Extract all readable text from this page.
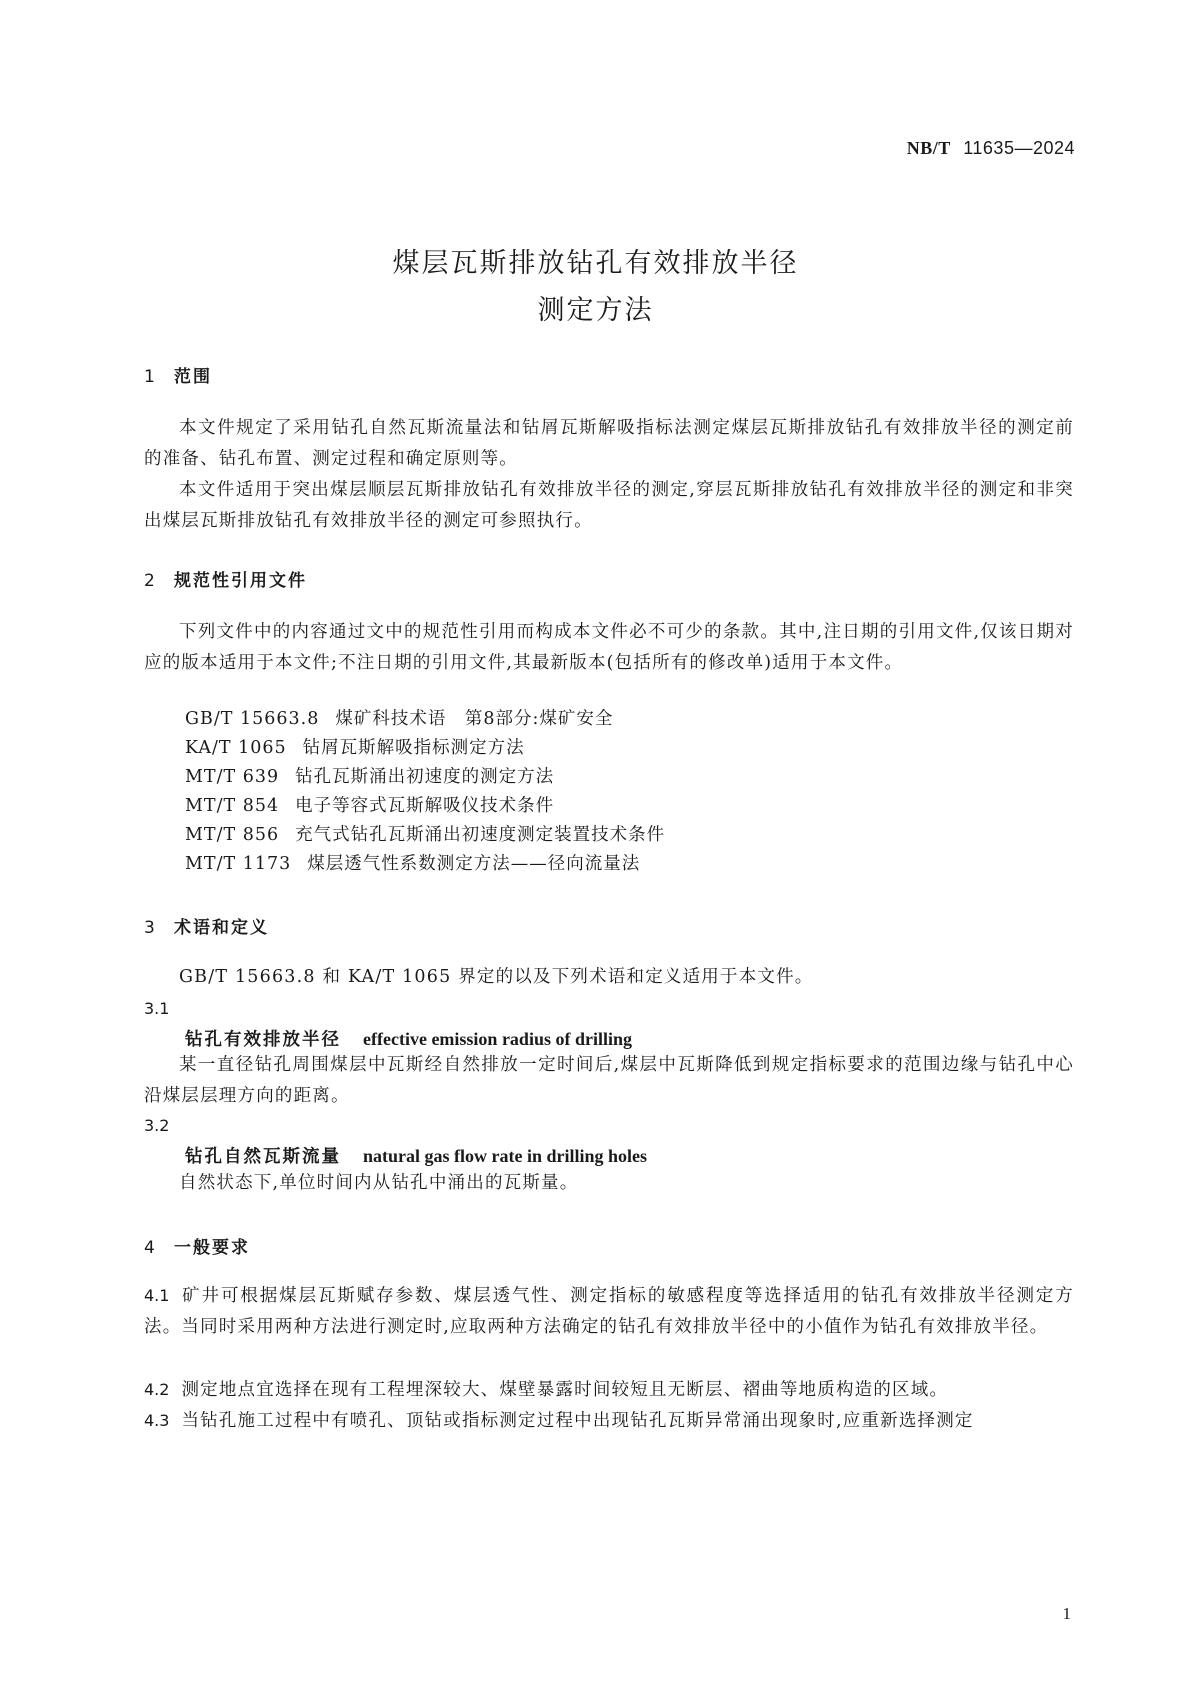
NB/T 11635—2024
煤层瓦斯排放钻孔有效排放半径
测定方法
1 范围
本文件规定了采用钻孔自然瓦斯流量法和钻屑瓦斯解吸指标法测定煤层瓦斯排放钻孔有效排放半径的测定前的准备、钻孔布置、测定过程和确定原则等。
本文件适用于突出煤层顺层瓦斯排放钻孔有效排放半径的测定,穿层瓦斯排放钻孔有效排放半径的测定和非突出煤层瓦斯排放钻孔有效排放半径的测定可参照执行。
2 规范性引用文件
下列文件中的内容通过文中的规范性引用而构成本文件必不可少的条款。其中,注日期的引用文件,仅该日期对应的版本适用于本文件;不注日期的引用文件,其最新版本(包括所有的修改单)适用于本文件。
GB/T 15663.8 煤矿科技术语　第8部分:煤矿安全
KA/T 1065 钻屑瓦斯解吸指标测定方法
MT/T 639 钻孔瓦斯涌出初速度的测定方法
MT/T 854 电子等容式瓦斯解吸仪技术条件
MT/T 856 充气式钻孔瓦斯涌出初速度测定装置技术条件
MT/T 1173 煤层透气性系数测定方法——径向流量法
3 术语和定义
GB/T 15663.8 和 KA/T 1065 界定的以及下列术语和定义适用于本文件。
3.1
钻孔有效排放半径 effective emission radius of drilling
某一直径钻孔周围煤层中瓦斯经自然排放一定时间后,煤层中瓦斯降低到规定指标要求的范围边缘与钻孔中心沿煤层层理方向的距离。
3.2
钻孔自然瓦斯流量 natural gas flow rate in drilling holes
自然状态下,单位时间内从钻孔中涌出的瓦斯量。
4 一般要求
4.1 矿井可根据煤层瓦斯赋存参数、煤层透气性、测定指标的敏感程度等选择适用的钻孔有效排放半径测定方法。当同时采用两种方法进行测定时,应取两种方法确定的钻孔有效排放半径中的小值作为钻孔有效排放半径。
4.2 测定地点宜选择在现有工程埋深较大、煤壁暴露时间较短且无断层、褶曲等地质构造的区域。
4.3 当钻孔施工过程中有喷孔、顶钻或指标测定过程中出现钻孔瓦斯异常涌出现象时,应重新选择测定
1
